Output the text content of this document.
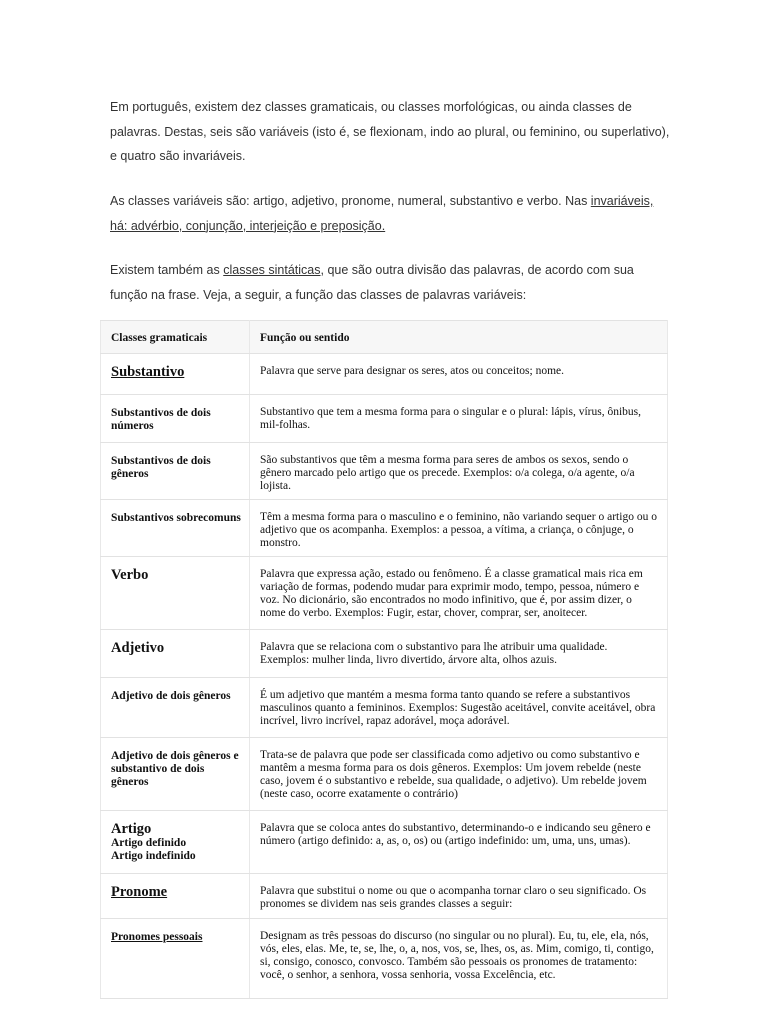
Em português, existem dez classes gramaticais, ou classes morfológicas, ou ainda classes de palavras. Destas, seis são variáveis (isto é, se flexionam, indo ao plural, ou feminino, ou superlativo), e quatro são invariáveis.

As classes variáveis são: artigo, adjetivo, pronome, numeral, substantivo e verbo. Nas invariáveis, há: advérbio, conjunção, interjeição e preposição.

Existem também as classes sintáticas, que são outra divisão das palavras, de acordo com sua função na frase. Veja, a seguir, a função das classes de palavras variáveis:

Classes gramaticais	Função ou sentido

Substantivo	Palavra que serve para designar os seres, atos ou conceitos; nome.

Substantivos de dois números	Substantivo que tem a mesma forma para o singular e o plural: lápis, vírus, ônibus, mil-folhas.

Substantivos de dois gêneros	São substantivos que têm a mesma forma para seres de ambos os sexos, sendo o gênero marcado pelo artigo que os precede. Exemplos: o/a colega, o/a agente, o/a lojista.

Substantivos sobrecomuns	Têm a mesma forma para o masculino e o feminino, não variando sequer o artigo ou o adjetivo que os acompanha. Exemplos: a pessoa, a vítima, a criança, o cônjuge, o monstro.

Verbo	Palavra que expressa ação, estado ou fenômeno. É a classe gramatical mais rica em variação de formas, podendo mudar para exprimir modo, tempo, pessoa, número e voz. No dicionário, são encontrados no modo infinitivo, que é, por assim dizer, o nome do verbo. Exemplos: Fugir, estar, chover, comprar, ser, anoitecer.

Adjetivo	Palavra que se relaciona com o substantivo para lhe atribuir uma qualidade. Exemplos: mulher linda, livro divertido, árvore alta, olhos azuis.

Adjetivo de dois gêneros	É um adjetivo que mantém a mesma forma tanto quando se refere a substantivos masculinos quanto a femininos. Exemplos: Sugestão aceitável, convite aceitável, obra incrível, livro incrível, rapaz adorável, moça adorável.

Adjetivo de dois gêneros e substantivo de dois gêneros	Trata-se de palavra que pode ser classificada como adjetivo ou como substantivo e mantêm a mesma forma para os dois gêneros. Exemplos: Um jovem rebelde (neste caso, jovem é o substantivo e rebelde, sua qualidade, o adjetivo). Um rebelde jovem (neste caso, ocorre exatamente o contrário)

Artigo
Artigo definido
Artigo indefinido	Palavra que se coloca antes do substantivo, determinando-o e indicando seu gênero e número (artigo definido: a, as, o, os) ou (artigo indefinido: um, uma, uns, umas).

Pronome	Palavra que substitui o nome ou que o acompanha tornar claro o seu significado. Os pronomes se dividem nas seis grandes classes a seguir:

Pronomes pessoais	Designam as três pessoas do discurso (no singular ou no plural). Eu, tu, ele, ela, nós, vós, eles, elas. Me, te, se, lhe, o, a, nos, vos, se, lhes, os, as. Mim, comigo, ti, contigo, si, consigo, conosco, convosco. Também são pessoais os pronomes de tratamento: você, o senhor, a senhora, vossa senhoria, vossa Excelência, etc.
